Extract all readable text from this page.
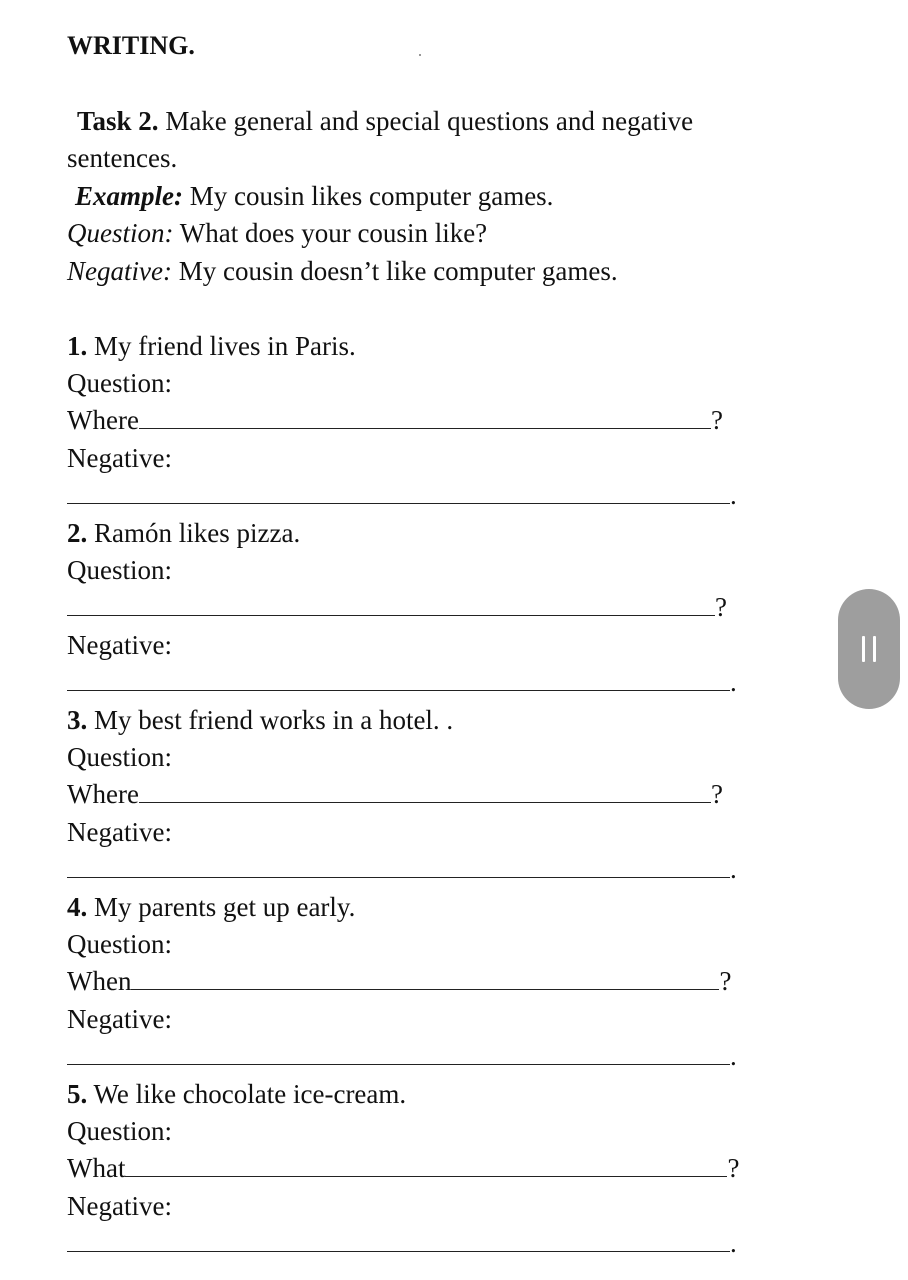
WRITING.
Task 2. Make general and special questions and negative
sentences.
Example: My cousin likes computer games.
Question: What does your cousin like?
Negative: My cousin doesn’t like computer games.
1. My friend lives in Paris.
Question:
Where	?
Negative:
.
2. Ramón likes pizza.
Question:
?
Negative:
.
3. My best friend works in a hotel. .
Question:
Where	?
Negative:
.
4. My parents get up early.
Question:
When	?
Negative:
.
5. We like chocolate ice-cream.
Question:
What	?
Negative:
.
